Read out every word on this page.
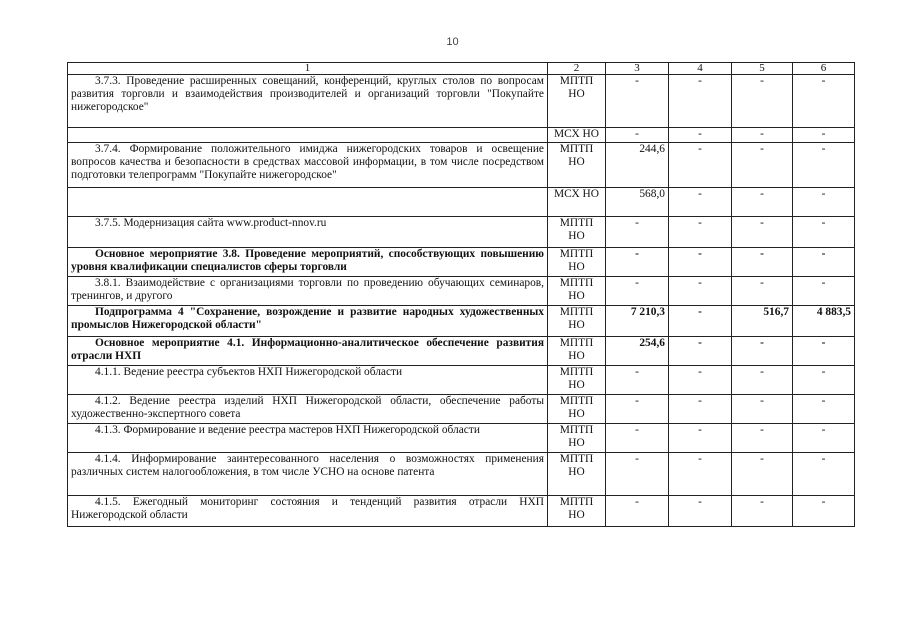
10
1	2	3	4	5	6
3.7.3. Проведение расширенных совещаний, конференций, круглых столов по вопросам развития торговли и взаимодействия производителей и организаций торговли "Покупайте нижегородское"	МПТП НО	-	-	-	-
	МСХ НО	-	-	-	-
3.7.4. Формирование положительного имиджа нижегородских товаров и освещение вопросов качества и безопасности в средствах массовой информации, в том числе посредством подготовки телепрограмм "Покупайте нижегородское"	МПТП НО	244,6	-	-	-
	МСХ НО	568,0	-	-	-
3.7.5. Модернизация сайта www.product-nnov.ru	МПТП НО	-	-	-	-
Основное мероприятие 3.8. Проведение мероприятий, способствующих повышению уровня квалификации специалистов сферы торговли	МПТП НО	-	-	-	-
3.8.1. Взаимодействие с организациями торговли по проведению обучающих семинаров, тренингов, и другого	МПТП НО	-	-	-	-
Подпрограмма 4 "Сохранение, возрождение и развитие народных художественных промыслов Нижегородской области"	МПТП НО	7 210,3	-	516,7	4 883,5
Основное мероприятие 4.1. Информационно-аналитическое обеспечение развития отрасли НХП	МПТП НО	254,6	-	-	-
4.1.1. Ведение реестра субъектов НХП Нижегородской области	МПТП НО	-	-	-	-
4.1.2. Ведение реестра изделий НХП Нижегородской области, обеспечение работы художественно-экспертного совета	МПТП НО	-	-	-	-
4.1.3. Формирование и ведение реестра мастеров НХП Нижегородской области	МПТП НО	-	-	-	-
4.1.4. Информирование заинтересованного населения о возможностях применения различных систем налогообложения, в том числе УСНО на основе патента	МПТП НО	-	-	-	-
4.1.5. Ежегодный мониторинг состояния и тенденций развития отрасли НХП Нижегородской области	МПТП НО	-	-	-	-
